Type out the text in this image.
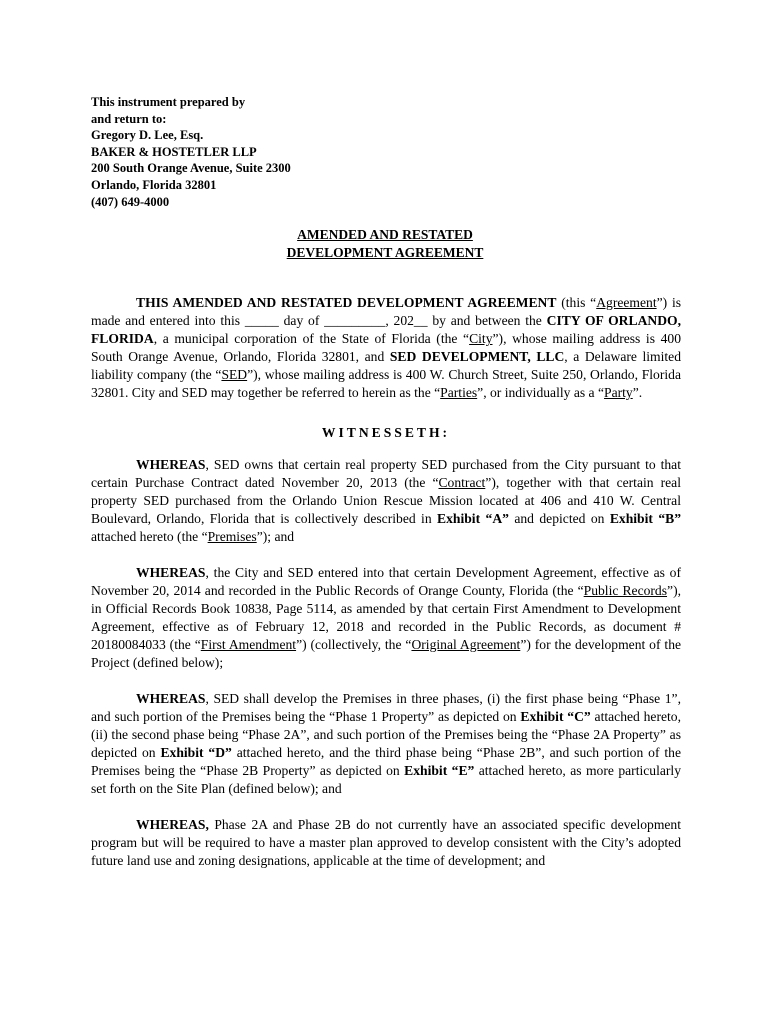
This instrument prepared by
and return to:
Gregory D. Lee, Esq.
BAKER & HOSTETLER LLP
200 South Orange Avenue, Suite 2300
Orlando, Florida 32801
(407) 649-4000
AMENDED AND RESTATED
DEVELOPMENT AGREEMENT

THIS AMENDED AND RESTATED DEVELOPMENT AGREEMENT (this “Agreement”) is made and entered into this _____ day of _________, 202__ by and between the CITY OF ORLANDO, FLORIDA, a municipal corporation of the State of Florida (the “City”), whose mailing address is 400 South Orange Avenue, Orlando, Florida 32801, and SED DEVELOPMENT, LLC, a Delaware limited liability company (the “SED”), whose mailing address is 400 W. Church Street, Suite 250, Orlando, Florida 32801. City and SED may together be referred to herein as the “Parties”, or individually as a “Party”.

WITNESSETH:

WHEREAS, SED owns that certain real property SED purchased from the City pursuant to that certain Purchase Contract dated November 20, 2013 (the “Contract”), together with that certain real property SED purchased from the Orlando Union Rescue Mission located at 406 and 410 W. Central Boulevard, Orlando, Florida that is collectively described in Exhibit “A” and depicted on Exhibit “B” attached hereto (the “Premises”); and

WHEREAS, the City and SED entered into that certain Development Agreement, effective as of November 20, 2014 and recorded in the Public Records of Orange County, Florida (the “Public Records”), in Official Records Book 10838, Page 5114, as amended by that certain First Amendment to Development Agreement, effective as of February 12, 2018 and recorded in the Public Records, as document # 20180084033 (the “First Amendment”) (collectively, the “Original Agreement”) for the development of the Project (defined below);

WHEREAS, SED shall develop the Premises in three phases, (i) the first phase being “Phase 1”, and such portion of the Premises being the “Phase 1 Property” as depicted on Exhibit “C” attached hereto, (ii) the second phase being “Phase 2A”, and such portion of the Premises being the “Phase 2A Property” as depicted on Exhibit “D” attached hereto, and the third phase being “Phase 2B”, and such portion of the Premises being the “Phase 2B Property” as depicted on Exhibit “E” attached hereto, as more particularly set forth on the Site Plan (defined below); and

WHEREAS, Phase 2A and Phase 2B do not currently have an associated specific development program but will be required to have a master plan approved to develop consistent with the City’s adopted future land use and zoning designations, applicable at the time of development; and
